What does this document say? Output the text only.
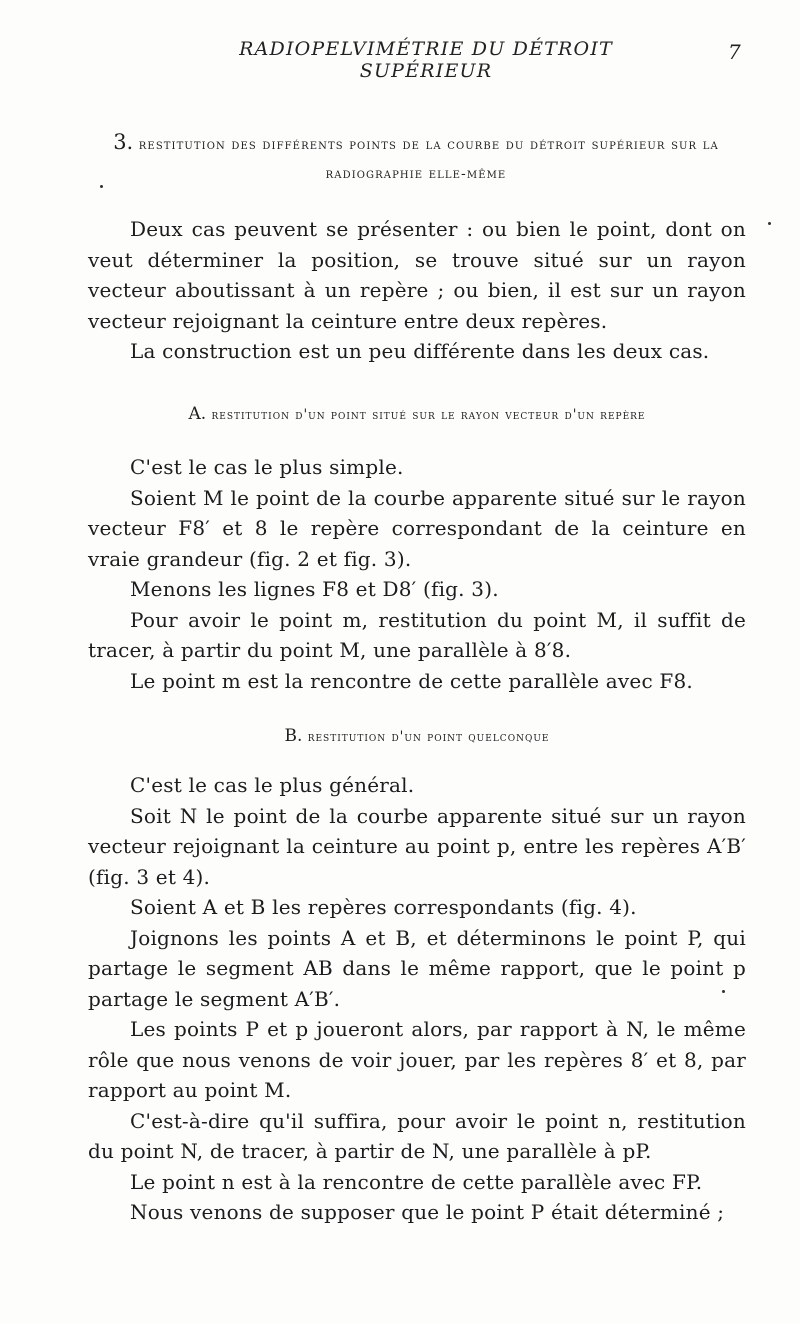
RADIOPELVIMÉTRIE DU DÉTROIT SUPÉRIEUR
7
3. restitution des différents points de la courbe du détroit supérieur sur la radiographie elle-même

Deux cas peuvent se présenter : ou bien le point, dont on veut déterminer la position, se trouve situé sur un rayon vecteur aboutissant à un repère ; ou bien, il est sur un rayon vecteur rejoignant la ceinture entre deux repères.

La construction est un peu différente dans les deux cas.

A. restitution d'un point situé sur le rayon vecteur d'un repère

C'est le cas le plus simple.

Soient M le point de la courbe apparente situé sur le rayon vecteur F8′ et 8 le repère correspondant de la ceinture en vraie grandeur (fig. 2 et fig. 3).

Menons les lignes F8 et D8′ (fig. 3).

Pour avoir le point m, restitution du point M, il suffit de tracer, à partir du point M, une parallèle à 8′8.

Le point m est la rencontre de cette parallèle avec F8.

B. restitution d'un point quelconque

C'est le cas le plus général.

Soit N le point de la courbe apparente situé sur un rayon vecteur rejoignant la ceinture au point p, entre les repères A′B′ (fig. 3 et 4).

Soient A et B les repères correspondants (fig. 4).

Joignons les points A et B, et déterminons le point P, qui partage le segment AB dans le même rapport, que le point p partage le segment A′B′.

Les points P et p joueront alors, par rapport à N, le même rôle que nous venons de voir jouer, par les repères 8′ et 8, par rapport au point M.

C'est-à-dire qu'il suffira, pour avoir le point n, restitution du point N, de tracer, à partir de N, une parallèle à pP.

Le point n est à la rencontre de cette parallèle avec FP.

Nous venons de supposer que le point P était déterminé ;
